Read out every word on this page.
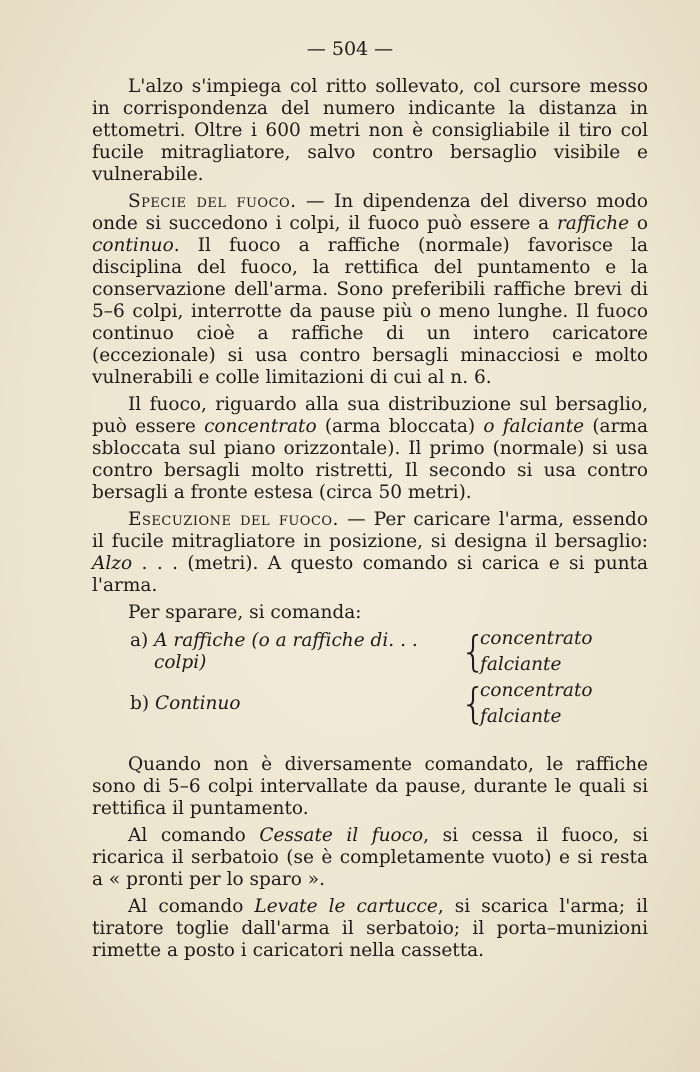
— 504 —

L'alzo s'impiega col ritto sollevato, col cursore messo in corrispondenza del numero indicante la distanza in ettometri. Oltre i 600 metri non è consigliabile il tiro col fucile mitragliatore, salvo contro bersaglio visibile e vulnerabile.

Specie del fuoco. — In dipendenza del diverso modo onde si succedono i colpi, il fuoco può essere a raffiche o continuo. Il fuoco a raffiche (normale) favorisce la disciplina del fuoco, la rettifica del puntamento e la conservazione dell'arma. Sono preferibili raffiche brevi di 5–6 colpi, interrotte da pause più o meno lunghe. Il fuoco continuo cioè a raffiche di un intero caricatore (eccezionale) si usa contro bersagli minacciosi e molto vulnerabili e colle limitazioni di cui al n. 6.

Il fuoco, riguardo alla sua distribuzione sul bersaglio, può essere concentrato (arma bloccata) o falciante (arma sbloccata sul piano orizzontale). Il primo (normale) si usa contro bersagli molto ristretti, Il secondo si usa contro bersagli a fronte estesa (circa 50 metri).

Esecuzione del fuoco. — Per caricare l'arma, essendo il fucile mitragliatore in posizione, si designa il bersaglio: Alzo . . . (metri). A questo comando si carica e si punta l'arma.

Per sparare, si comanda:

a) A raffiche (o a raffiche di. . .
colpi)	{
concentrato
falciante
b) Continuo	{
concentrato
falciante

Quando non è diversamente comandato, le raffiche sono di 5–6 colpi intervallate da pause, durante le quali si rettifica il puntamento.

Al comando Cessate il fuoco, si cessa il fuoco, si ricarica il serbatoio (se è completamente vuoto) e si resta a « pronti per lo sparo ».

Al comando Levate le cartucce, si scarica l'arma; il tiratore toglie dall'arma il serbatoio; il porta–munizioni rimette a posto i caricatori nella cassetta.
